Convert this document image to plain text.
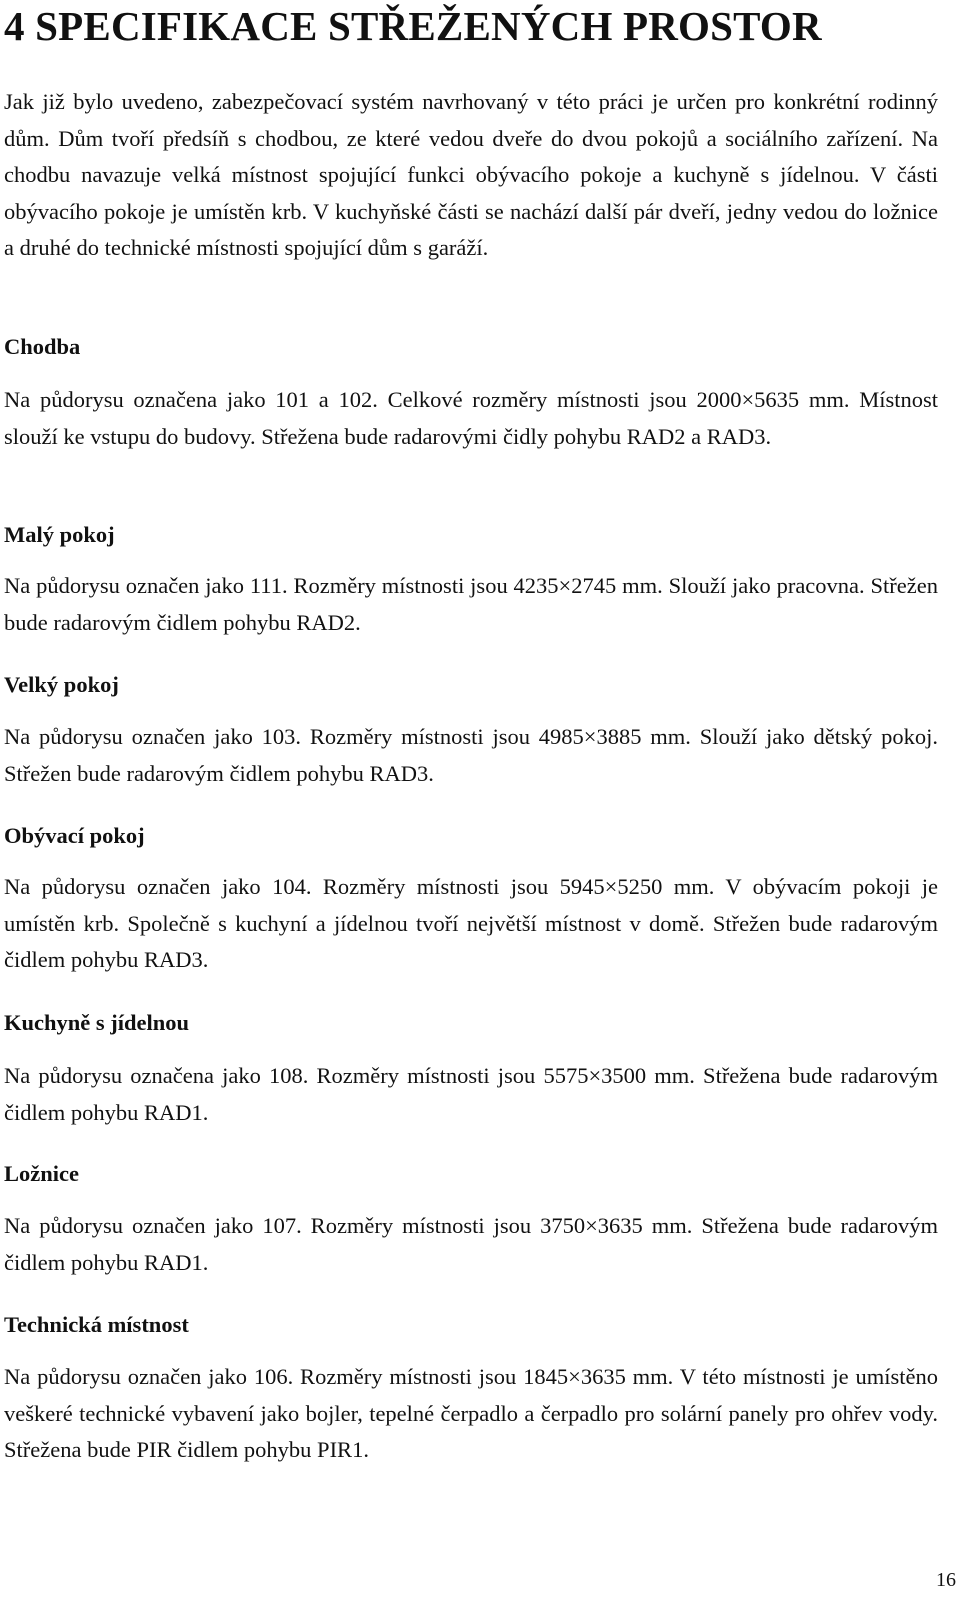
4 SPECIFIKACE STŘEŽENÝCH PROSTOR

Jak již bylo uvedeno, zabezpečovací systém navrhovaný v této práci je určen pro konkrétní rodinný dům. Dům tvoří předsíň s chodbou, ze které vedou dveře do dvou pokojů a sociálního zařízení. Na chodbu navazuje velká místnost spojující funkci obývacího pokoje a kuchyně s jídelnou. V části obývacího pokoje je umístěn krb. V kuchyňské části se nachází další pár dveří, jedny vedou do ložnice a druhé do technické místnosti spojující dům s garáží.

Chodba

Na půdorysu označena jako 101 a 102. Celkové rozměry místnosti jsou 2000×5635 mm. Místnost slouží ke vstupu do budovy. Střežena bude radarovými čidly pohybu RAD2 a RAD3.

Malý pokoj

Na půdorysu označen jako 111. Rozměry místnosti jsou 4235×2745 mm. Slouží jako pracovna. Střežen bude radarovým čidlem pohybu RAD2.

Velký pokoj

Na půdorysu označen jako 103. Rozměry místnosti jsou 4985×3885 mm. Slouží jako dětský pokoj. Střežen bude radarovým čidlem pohybu RAD3.

Obývací pokoj

Na půdorysu označen jako 104. Rozměry místnosti jsou 5945×5250 mm. V obývacím pokoji je umístěn krb. Společně s kuchyní a jídelnou tvoří největší místnost v domě. Střežen bude radarovým čidlem pohybu RAD3.

Kuchyně s jídelnou

Na půdorysu označena jako 108. Rozměry místnosti jsou 5575×3500 mm. Střežena bude radarovým čidlem pohybu RAD1.

Ložnice

Na půdorysu označen jako 107. Rozměry místnosti jsou 3750×3635 mm. Střežena bude radarovým čidlem pohybu RAD1.

Technická místnost

Na půdorysu označen jako 106. Rozměry místnosti jsou 1845×3635 mm. V této místnosti je umístěno veškeré technické vybavení jako bojler, tepelné čerpadlo a čerpadlo pro solární panely pro ohřev vody. Střežena bude PIR čidlem pohybu PIR1.

16
